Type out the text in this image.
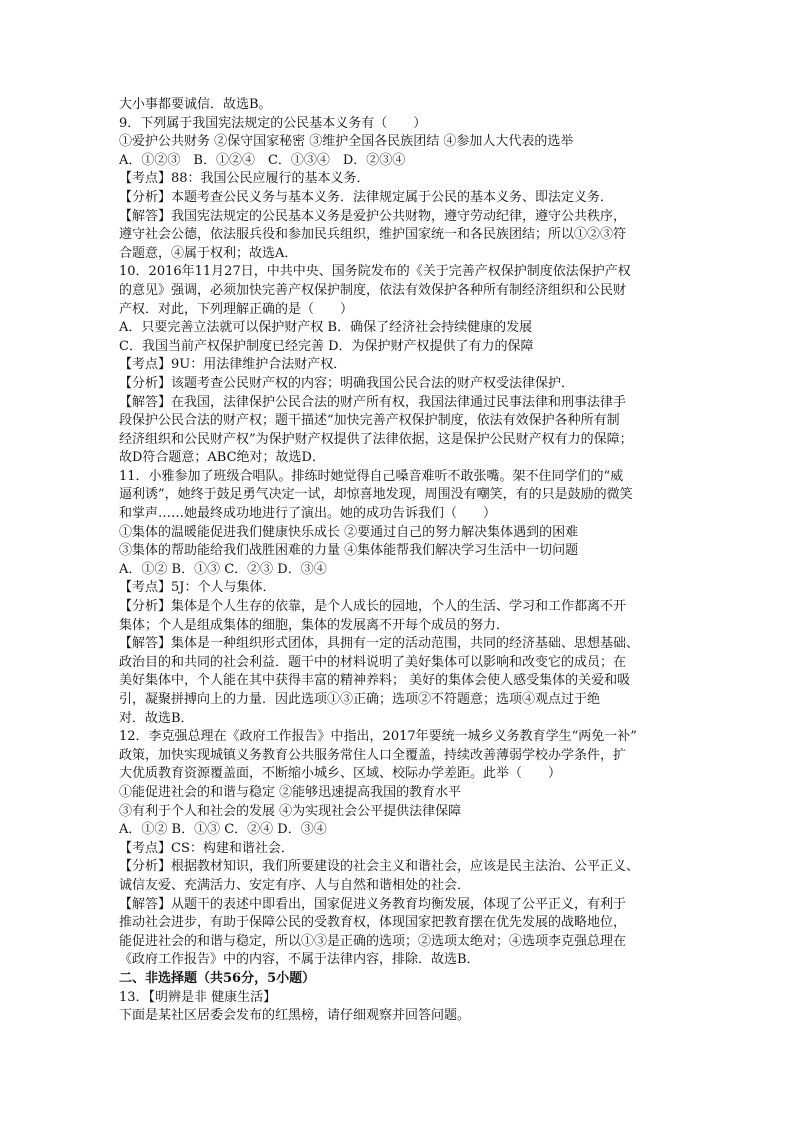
大小事都要诚信．故选B。
9．下列属于我国宪法规定的公民基本义务有（　　）
①爱护公共财务 ②保守国家秘密 ③维护全国各民族团结 ④参加人大代表的选举
A．①②③　B．①②④　C．①③④　D．②③④
【考点】88：我国公民应履行的基本义务．
【分析】本题考查公民义务与基本义务．法律规定属于公民的基本义务、即法定义务．
【解答】我国宪法规定的公民基本义务是爱护公共财物，遵守劳动纪律，遵守公共秩序，
遵守社会公德，依法服兵役和参加民兵组织，维护国家统一和各民族团结；所以①②③符
合题意，④属于权利；故选A．
10．2016年11月27日，中共中央、国务院发布的《关于完善产权保护制度依法保护产权
的意见》强调，必须加快完善产权保护制度，依法有效保护各种所有制经济组织和公民财
产权．对此，下列理解正确的是（　　）
A．只要完善立法就可以保护财产权 B．确保了经济社会持续健康的发展
C．我国当前产权保护制度已经完善 D．为保护财产权提供了有力的保障
【考点】9U：用法律维护合法财产权．
【分析】该题考查公民财产权的内容；明确我国公民合法的财产权受法律保护．
【解答】在我国，法律保护公民合法的财产所有权，我国法律通过民事法律和刑事法律手
段保护公民合法的财产权；题干描述“加快完善产权保护制度，依法有效保护各种所有制
经济组织和公民财产权”为保护财产权提供了法律依据，这是保护公民财产权有力的保障；
故D符合题意；ABC绝对；故选D．
11．小雅参加了班级合唱队。排练时她觉得自己嗓音难听不敢张嘴。架不住同学们的“威
逼利诱”，她终于鼓足勇气决定一试，却惊喜地发现，周围没有嘲笑，有的只是鼓励的微笑
和掌声……她最终成功地进行了演出。她的成功告诉我们（　　）
①集体的温暖能促进我们健康快乐成长 ②要通过自己的努力解决集体遇到的困难
③集体的帮助能给我们战胜困难的力量 ④集体能帮我们解决学习生活中一切问题
A．①② B．①③ C．②③ D．③④
【考点】5J：个人与集体．
【分析】集体是个人生存的依靠，是个人成长的园地，个人的生活、学习和工作都离不开
集体；个人是组成集体的细胞，集体的发展离不开每个成员的努力．
【解答】集体是一种组织形式团体，具拥有一定的活动范围，共同的经济基础、思想基础、
政治目的和共同的社会利益．题干中的材料说明了美好集体可以影响和改变它的成员；在
美好集体中，个人能在其中获得丰富的精神养料； 美好的集体会使人感受集体的关爱和吸
引，凝聚拼搏向上的力量．因此选项①③正确；选项②不符题意；选项④观点过于绝
对．故选B．
12．李克强总理在《政府工作报告》中指出，2017年要统一城乡义务教育学生“两免一补”
政策，加快实现城镇义务教育公共服务常住人口全覆盖，持续改善薄弱学校办学条件，扩
大优质教育资源覆盖面，不断缩小城乡、区域、校际办学差距。此举（　　）
①能促进社会的和谐与稳定 ②能够迅速提高我国的教育水平
③有利于个人和社会的发展 ④为实现社会公平提供法律保障
A．①② B．①③ C．②④ D．③④
【考点】CS：构建和谐社会．
【分析】根据教材知识，我们所要建设的社会主义和谐社会，应该是民主法治、公平正义、
诚信友爱、充满活力、安定有序、人与自然和谐相处的社会．
【解答】从题干的表述中即看出，国家促进义务教育均衡发展，体现了公平正义，有利于
推动社会进步，有助于保障公民的受教育权，体现国家把教育摆在优先发展的战略地位，
能促进社会的和谐与稳定，所以①③是正确的选项；②选项太绝对；④选项李克强总理在
《政府工作报告》中的内容，不属于法律内容，排除．故选B．
二、非选择题（共56分，5小题）
13．【明辨是非 健康生活】
下面是某社区居委会发布的红黑榜，请仔细观察并回答问题。
